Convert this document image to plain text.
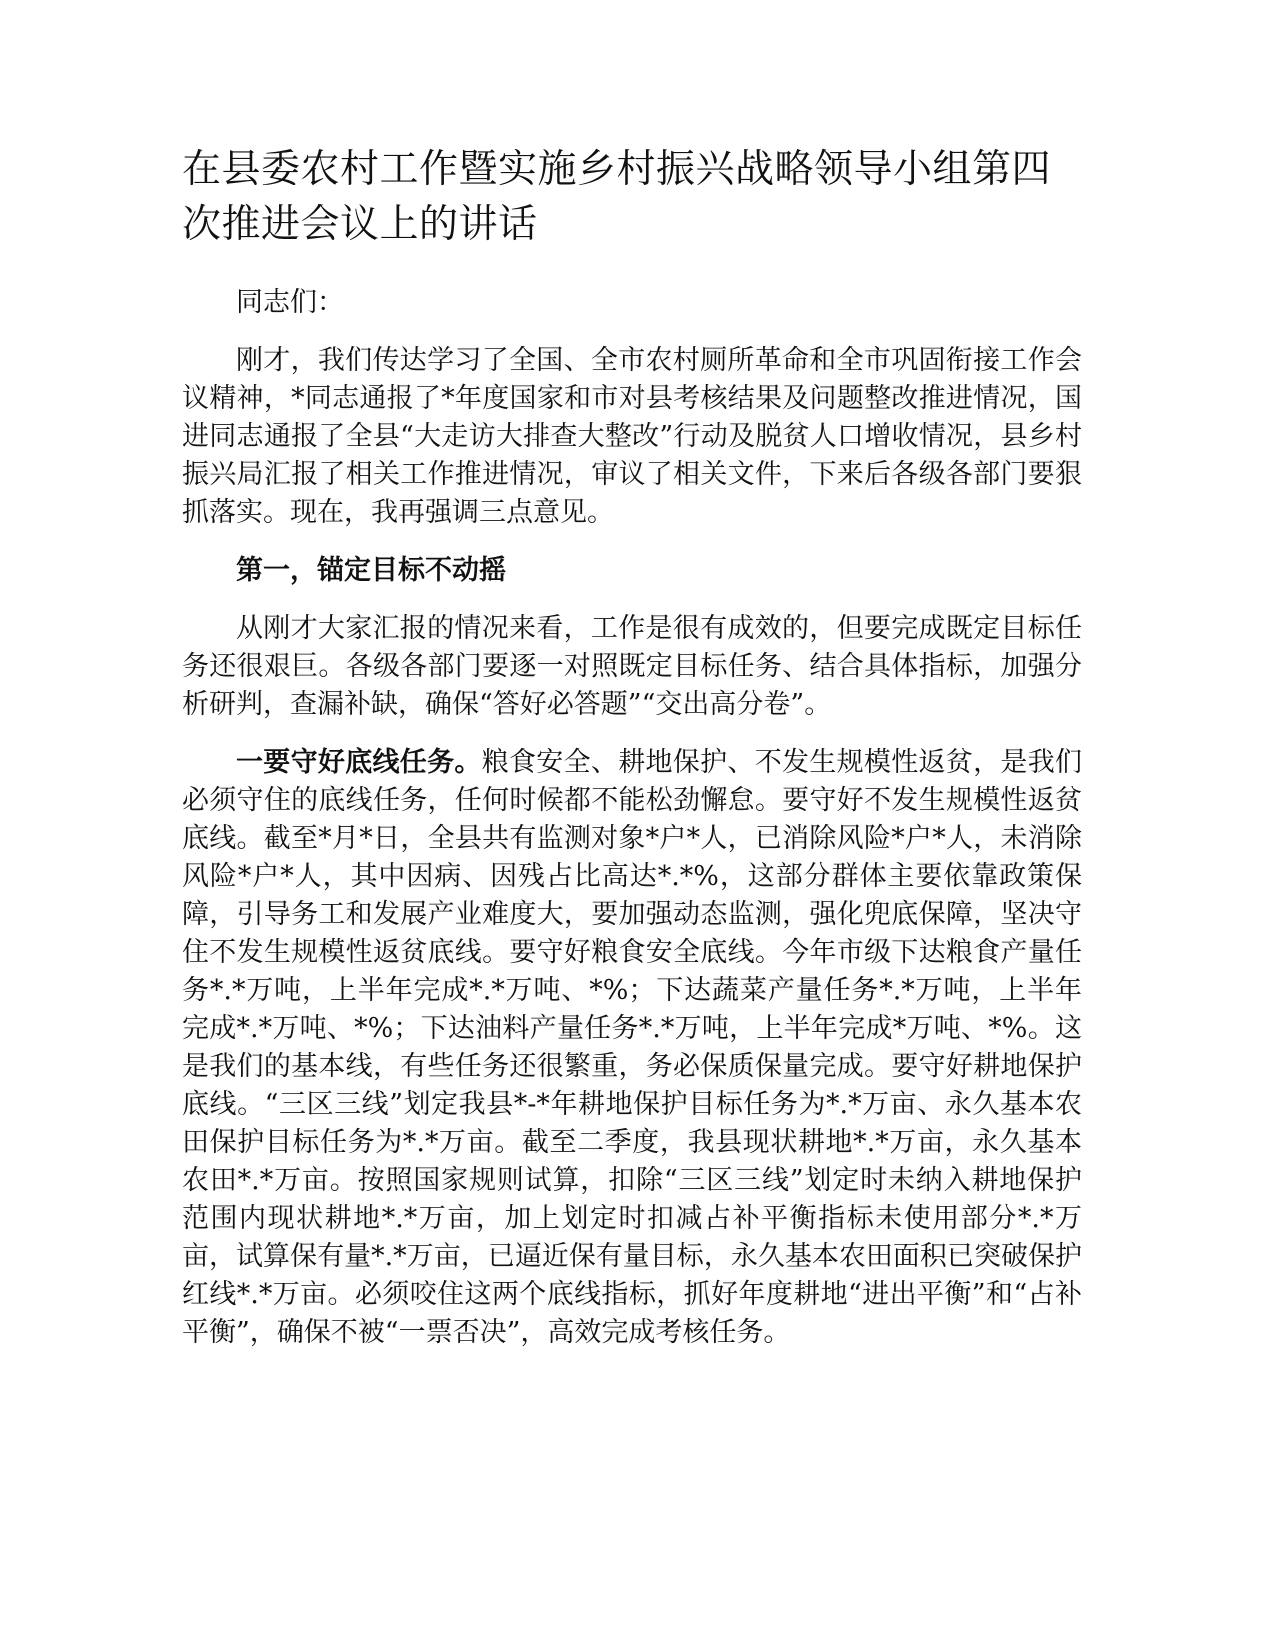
在县委农村工作暨实施乡村振兴战略领导小组第四次推进会议上的讲话

同志们：

刚才，我们传达学习了全国、全市农村厕所革命和全市巩固衔接工作会议精神，*同志通报了*年度国家和市对县考核结果及问题整改推进情况，国进同志通报了全县“大走访大排查大整改”行动及脱贫人口增收情况，县乡村振兴局汇报了相关工作推进情况，审议了相关文件，下来后各级各部门要狠抓落实。现在，我再强调三点意见。

第一，锚定目标不动摇

从刚才大家汇报的情况来看，工作是很有成效的，但要完成既定目标任务还很艰巨。各级各部门要逐一对照既定目标任务、结合具体指标，加强分析研判，查漏补缺，确保“答好必答题”“交出高分卷”。

一要守好底线任务。粮食安全、耕地保护、不发生规模性返贫，是我们必须守住的底线任务，任何时候都不能松劲懈怠。要守好不发生规模性返贫底线。截至*月*日，全县共有监测对象*户*人，已消除风险*户*人，未消除风险*户*人，其中因病、因残占比高达*.*%，这部分群体主要依靠政策保障，引导务工和发展产业难度大，要加强动态监测，强化兜底保障，坚决守住不发生规模性返贫底线。要守好粮食安全底线。今年市级下达粮食产量任务*.*万吨，上半年完成*.*万吨、*%；下达蔬菜产量任务*.*万吨，上半年完成*.*万吨、*%；下达油料产量任务*.*万吨，上半年完成*万吨、*%。这是我们的基本线，有些任务还很繁重，务必保质保量完成。要守好耕地保护底线。“三区三线”划定我县*-*年耕地保护目标任务为*.*万亩、永久基本农田保护目标任务为*.*万亩。截至二季度，我县现状耕地*.*万亩，永久基本农田*.*万亩。按照国家规则试算，扣除“三区三线”划定时未纳入耕地保护范围内现状耕地*.*万亩，加上划定时扣减占补平衡指标未使用部分*.*万亩，试算保有量*.*万亩，已逼近保有量目标，永久基本农田面积已突破保护红线*.*万亩。必须咬住这两个底线指标，抓好年度耕地“进出平衡”和“占补平衡”，确保不被“一票否决”，高效完成考核任务。
